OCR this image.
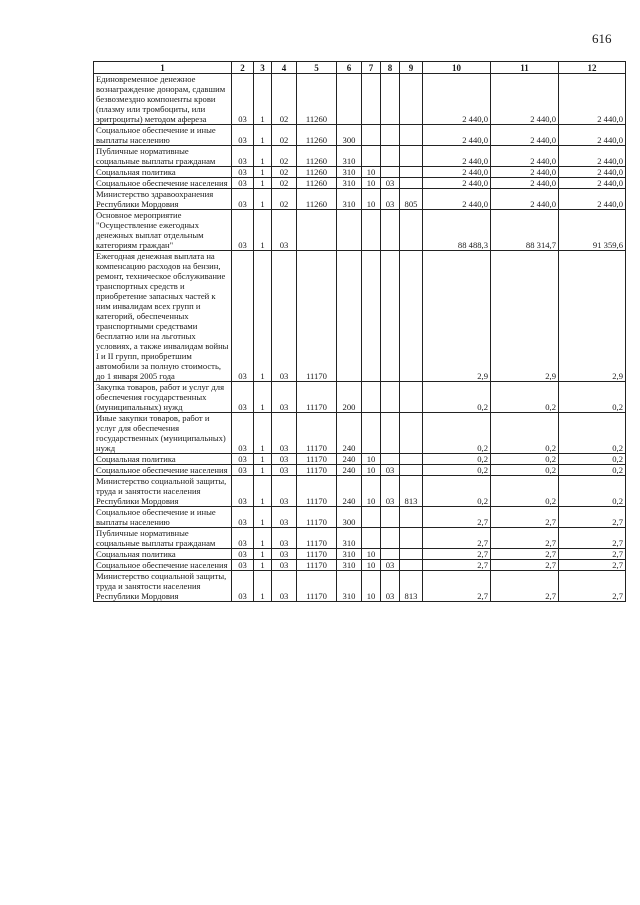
616
1	2	3	4	5	6	7	8	9	10	11	12
Единовременное денежное вознаграждение донорам, сдавшим безвозмездно компоненты крови (плазму или тромбоциты, или эритроциты) методом афереза	03	1	02	11260					2 440,0	2 440,0	2 440,0
Социальное обеспечение и иные выплаты населению	03	1	02	11260	300				2 440,0	2 440,0	2 440,0
Публичные нормативные социальные выплаты гражданам	03	1	02	11260	310				2 440,0	2 440,0	2 440,0
Социальная политика	03	1	02	11260	310	10			2 440,0	2 440,0	2 440,0
Социальное обеспечение населения	03	1	02	11260	310	10	03		2 440,0	2 440,0	2 440,0
Министерство здравоохранения Республики Мордовия	03	1	02	11260	310	10	03	805	2 440,0	2 440,0	2 440,0
Основное мероприятие "Осуществление ежегодных денежных выплат отдельным категориям граждан"	03	1	03						88 488,3	88 314,7	91 359,6
Ежегодная денежная выплата на компенсацию расходов на бензин, ремонт, техническое обслуживание транспортных средств и приобретение запасных частей к ним инвалидам всех групп и категорий, обеспеченных транспортными средствами бесплатно или на льготных условиях, а также инвалидам войны I и II групп, приобретшим автомобили за полную стоимость, до 1 января 2005 года	03	1	03	11170					2,9	2,9	2,9
Закупка товаров, работ и услуг для обеспечения государственных (муниципальных) нужд	03	1	03	11170	200				0,2	0,2	0,2
Иные закупки товаров, работ и услуг для обеспечения государственных (муниципальных) нужд	03	1	03	11170	240				0,2	0,2	0,2
Социальная политика	03	1	03	11170	240	10			0,2	0,2	0,2
Социальное обеспечение населения	03	1	03	11170	240	10	03		0,2	0,2	0,2
Министерство социальной защиты, труда и занятости населения Республики Мордовия	03	1	03	11170	240	10	03	813	0,2	0,2	0,2
Социальное обеспечение и иные выплаты населению	03	1	03	11170	300				2,7	2,7	2,7
Публичные нормативные социальные выплаты гражданам	03	1	03	11170	310				2,7	2,7	2,7
Социальная политика	03	1	03	11170	310	10			2,7	2,7	2,7
Социальное обеспечение населения	03	1	03	11170	310	10	03		2,7	2,7	2,7
Министерство социальной защиты, труда и занятости населения Республики Мордовия	03	1	03	11170	310	10	03	813	2,7	2,7	2,7
